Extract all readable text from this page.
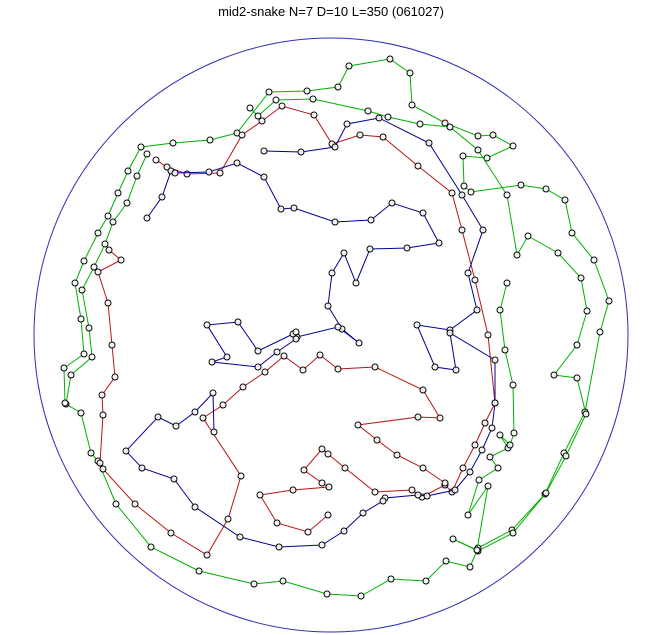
mid2-snake N=7 D=10 L=350 (061027)
